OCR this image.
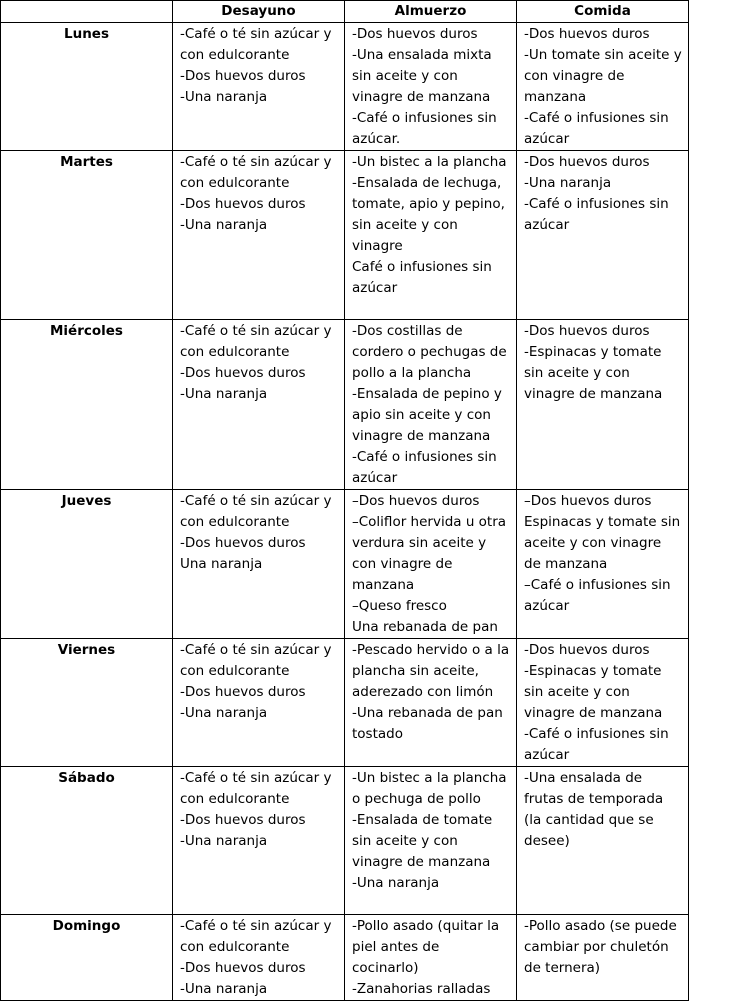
	Desayuno	Almuerzo	Comida
Lunes	-Café o té sin azúcar y con edulcorante
-Dos huevos duros
-Una naranja	-Dos huevos duros
-Una ensalada mixta sin aceite y con vinagre de manzana
-Café o infusiones sin azúcar.	-Dos huevos duros
-Un tomate sin aceite y con vinagre de manzana
-Café o infusiones sin azúcar

Martes	-Café o té sin azúcar y con edulcorante
-Dos huevos duros
-Una naranja	-Un bistec a la plancha
-Ensalada de lechuga, tomate, apio y pepino, sin aceite y con vinagre
Café o infusiones sin azúcar	-Dos huevos duros
-Una naranja
-Café o infusiones sin azúcar

Miércoles	-Café o té sin azúcar y con edulcorante
-Dos huevos duros
-Una naranja	-Dos costillas de cordero o pechugas de pollo a la plancha
-Ensalada de pepino y apio sin aceite y con vinagre de manzana
-Café o infusiones sin azúcar	-Dos huevos duros
-Espinacas y tomate sin aceite y con vinagre de manzana

Jueves	-Café o té sin azúcar y con edulcorante
-Dos huevos duros
Una naranja	–Dos huevos duros
–Coliflor hervida u otra verdura sin aceite y con vinagre de manzana
–Queso fresco
Una rebanada de pan	–Dos huevos duros
Espinacas y tomate sin aceite y con vinagre de manzana
–Café o infusiones sin azúcar

Viernes	-Café o té sin azúcar y con edulcorante
-Dos huevos duros
-Una naranja	-Pescado hervido o a la plancha sin aceite, aderezado con limón
-Una rebanada de pan tostado	-Dos huevos duros
-Espinacas y tomate sin aceite y con vinagre de manzana
-Café o infusiones sin azúcar

Sábado	-Café o té sin azúcar y con edulcorante
-Dos huevos duros
-Una naranja	-Un bistec a la plancha o pechuga de pollo
-Ensalada de tomate sin aceite y con vinagre de manzana
-Una naranja	-Una ensalada de frutas de temporada (la cantidad que se desee)

Domingo	-Café o té sin azúcar y con edulcorante
-Dos huevos duros
-Una naranja	-Pollo asado (quitar la piel antes de cocinarlo)
-Zanahorias ralladas	-Pollo asado (se puede cambiar por chuletón de ternera)
